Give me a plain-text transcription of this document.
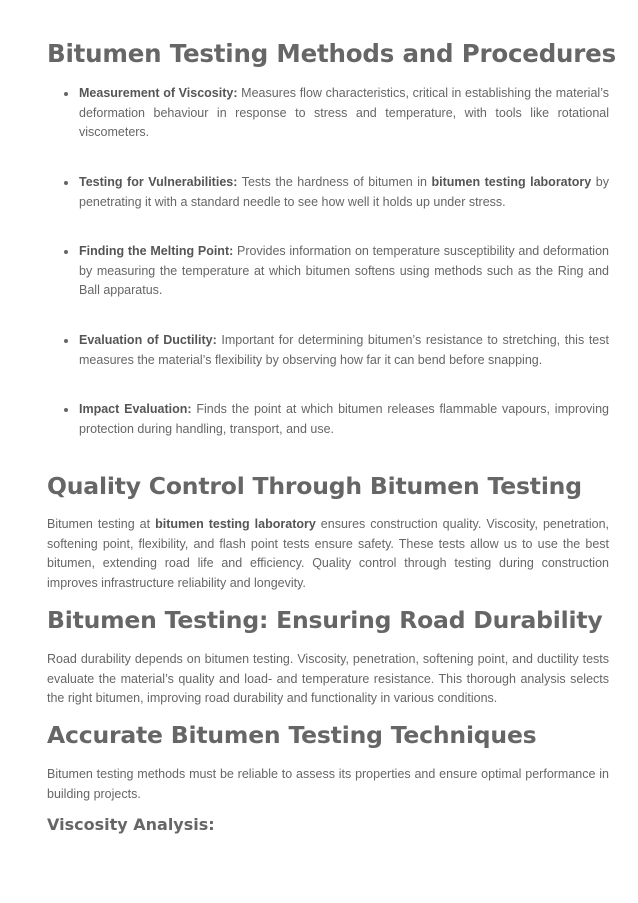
Bitumen Testing Methods and Procedures
Measurement of Viscosity: Measures flow characteristics, critical in establishing the material’s deformation behaviour in response to stress and temperature, with tools like rotational viscometers.
Testing for Vulnerabilities: Tests the hardness of bitumen in bitumen testing laboratory by penetrating it with a standard needle to see how well it holds up under stress.
Finding the Melting Point: Provides information on temperature susceptibility and deformation by measuring the temperature at which bitumen softens using methods such as the Ring and Ball apparatus.
Evaluation of Ductility: Important for determining bitumen’s resistance to stretching, this test measures the material’s flexibility by observing how far it can bend before snapping.
Impact Evaluation: Finds the point at which bitumen releases flammable vapours, improving protection during handling, transport, and use.
Quality Control Through Bitumen Testing

Bitumen testing at bitumen testing laboratory ensures construction quality. Viscosity, penetration, softening point, flexibility, and flash point tests ensure safety. These tests allow us to use the best bitumen, extending road life and efficiency. Quality control through testing during construction improves infrastructure reliability and longevity.

Bitumen Testing: Ensuring Road Durability

Road durability depends on bitumen testing. Viscosity, penetration, softening point, and ductility tests evaluate the material’s quality and load- and temperature resistance. This thorough analysis selects the right bitumen, improving road durability and functionality in various conditions.

Accurate Bitumen Testing Techniques

Bitumen testing methods must be reliable to assess its properties and ensure optimal performance in building projects.

Viscosity Analysis:
